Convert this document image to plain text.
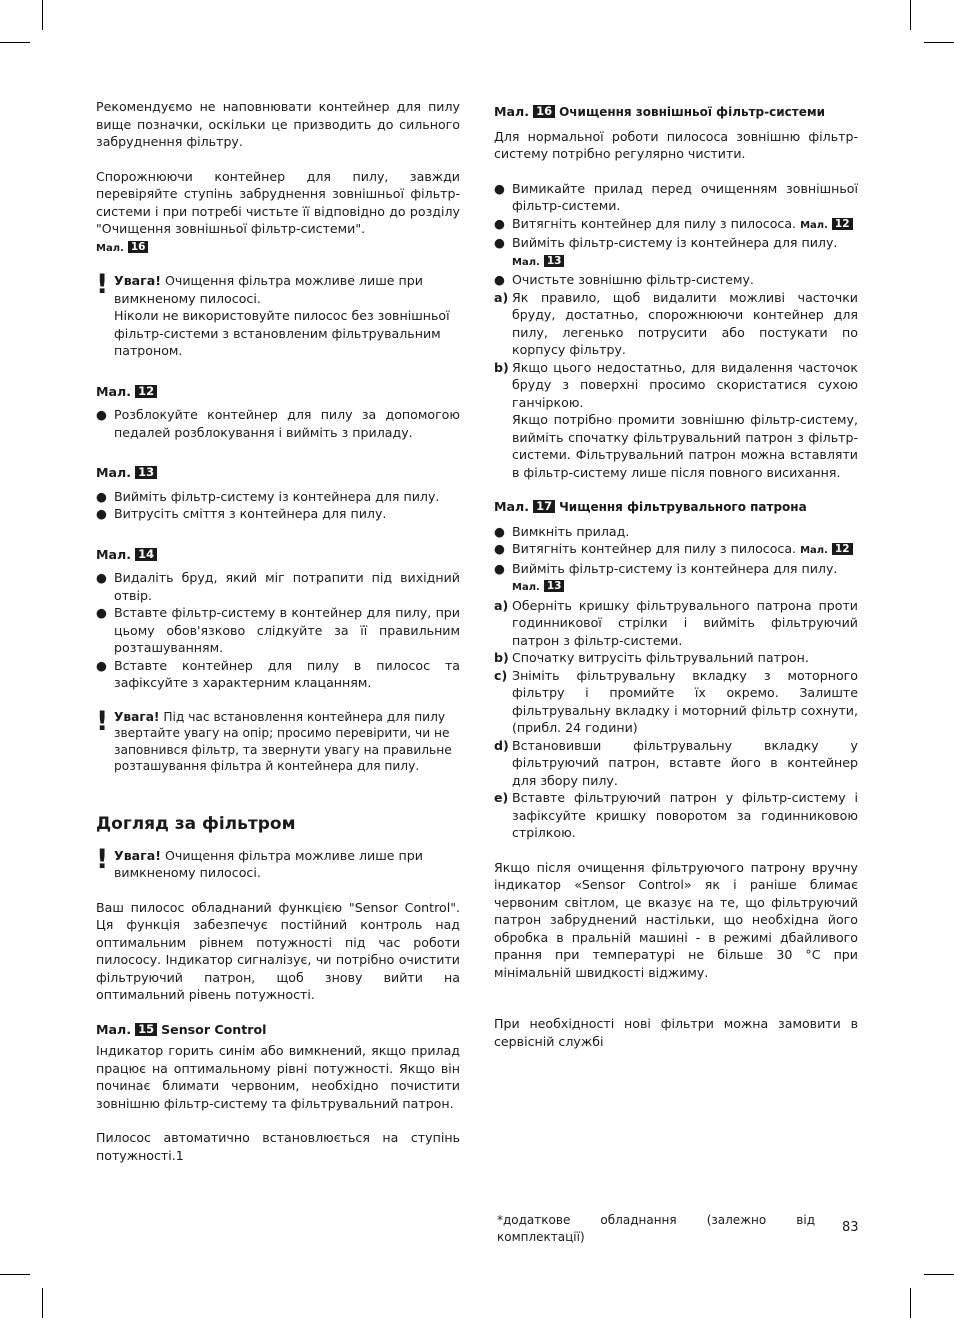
Рекомендуємо не наповнювати контейнер для пилу вище позначки, оскільки це призводить до сильного забруднення фільтру.

Спорожнюючи контейнер для пилу, завжди перевіряйте ступінь забруднення зовнішньої фільтр-системи і при потребі чистьте її відповідно до розділу "Очищення зовнішньої фільтр-системи".
Мал. 16

! Увага! Очищення фільтра можливе лише при вимкненому пилососі.

Ніколи не використовуйте пилосос без зовнішньої фільтр-системи з встановленим фільтрувальним патроном.

Мал. 12

● Розблокуйте контейнер для пилу за допомогою педалей розблокування і вийміть з приладу.

Мал. 13

● Вийміть фільтр-систему із контейнера для пилу.
● Витрусіть сміття з контейнера для пилу.

Мал. 14

● Видаліть бруд, який міг потрапити під вихідний отвір.
● Вставте фільтр-систему в контейнер для пилу, при цьому обов'язково слідкуйте за її правильним розташуванням.
● Вставте контейнер для пилу в пилосос та зафіксуйте з характерним клацанням.
! Увага! Під час встановлення контейнера для пилу звертайте увагу на опір; просимо перевірити, чи не заповнився фільтр, та звернути увагу на правильне розташування фільтра й контейнера для пилу.

Догляд за фільтром

! Увага! Очищення фільтра можливе лише при вимкненому пилососі.

Ваш пилосос обладнаний функцією "Sensor Control". Ця функція забезпечує постійний контроль над оптимальним рівнем потужності під час роботи пилососу. Індикатор сигналізує, чи потрібно очистити фільтруючий патрон, щоб знову вийти на оптимальний рівень потужності.

Мал. 15 Sensor Control

Індикатор горить синім або вимкнений, якщо прилад працює на оптимальному рівні потужності. Якщо він починає блимати червоним, необхідно почистити зовнішню фільтр-систему та фільтрувальний патрон.

Пилосос автоматично встановлюється на ступінь потужності.1

Мал. 16 Очищення зовнішньої фільтр-системи

Для нормальної роботи пилососа зовнішню фільтр-систему потрібно регулярно чистити.

● Вимикайте прилад перед очищенням зовнішньої фільтр-системи.
● Витягніть контейнер для пилу з пилососа. Мал. 12
● Вийміть фільтр-систему із контейнера для пилу.
Мал. 13
● Очистьте зовнішню фільтр-систему.
a) Як правило, щоб видалити можливі часточки бруду, достатньо, спорожнюючи контейнер для пилу, легенько потрусити або постукати по корпусу фільтру.
b) Якщо цього недостатньо, для видалення часточок бруду з поверхні просимо скористатися сухою ганчіркою.
Якщо потрібно промити зовнішню фільтр-систему, вийміть спочатку фільтрувальний патрон з фільтр-системи. Фільтрувальний патрон можна вставляти в фільтр-систему лише після повного висихання.

Мал. 17 Чищення фільтрувального патрона

● Вимкніть прилад.
● Витягніть контейнер для пилу з пилососа. Мал. 12
● Вийміть фільтр-систему із контейнера для пилу.
Мал. 13
a) Оберніть кришку фільтрувального патрона проти годинникової стрілки і вийміть фільтруючий патрон з фільтр-системи.
b) Спочатку витрусіть фільтрувальний патрон.
c) Зніміть фільтрувальну вкладку з моторного фільтру і промийте їх окремо. Залиште фільтрувальну вкладку і моторний фільтр сохнути, (прибл. 24 години)
d) Встановивши фільтрувальну вкладку у фільтруючий патрон, вставте його в контейнер для збору пилу.
e) Вставте фільтруючий патрон у фільтр-систему і зафіксуйте кришку поворотом за годинниковою стрілкою.

Якщо після очищення фільтруючого патрону вручну індикатор «Sensor Control» як і раніше блимає червоним світлом, це вказує на те, що фільтруючий патрон забруднений настільки, що необхідна його обробка в пральній машині - в режимі дбайливого прання при температурі не більше 30 °C при мінімальній швидкості віджиму.

При необхідності нові фільтри можна замовити в сервісній службі

*додаткове обладнання (залежно від комплектації)

83
